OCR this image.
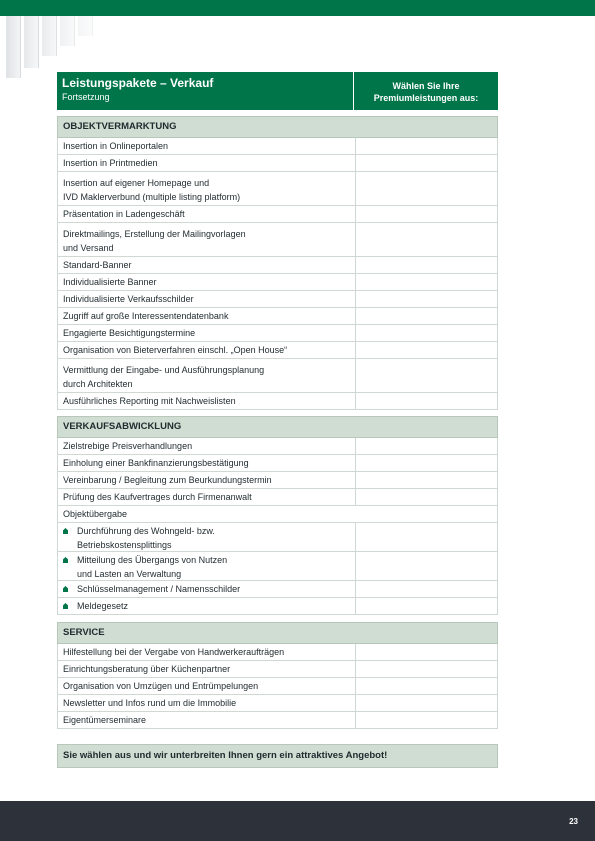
Leistungspakete – Verkauf
Fortsetzung
Wählen Sie Ihre
Premiumleistungen aus:
OBJEKTVERMARKTUNG
Insertion in Onlineportalen
Insertion in Printmedien
Insertion auf eigener Homepage und
IVD Maklerverbund (multiple listing platform)
Präsentation in Ladengeschäft
Direktmailings, Erstellung der Mailingvorlagen
und Versand
Standard-Banner
Individualisierte Banner
Individualisierte Verkaufsschilder
Zugriff auf große Interessentendatenbank
Engagierte Besichtigungstermine
Organisation von Bieterverfahren einschl. „Open House“
Vermittlung der Eingabe- und Ausführungsplanung
durch Architekten
Ausführliches Reporting mit Nachweislisten
VERKAUFSABWICKLUNG
Zielstrebige Preisverhandlungen
Einholung einer Bankfinanzierungsbestätigung
Vereinbarung / Begleitung zum Beurkundungstermin
Prüfung des Kaufvertrages durch Firmenanwalt
Objektübergabe
Durchführung des Wohngeld- bzw.
Betriebskostensplittings
Mitteilung des Übergangs von Nutzen
und Lasten an Verwaltung
Schlüsselmanagement / Namensschilder
Meldegesetz
SERVICE
Hilfestellung bei der Vergabe von Handwerkeraufträgen
Einrichtungsberatung über Küchenpartner
Organisation von Umzügen und Entrümpelungen
Newsletter und Infos rund um die Immobilie
Eigentümerseminare
Sie wählen aus und wir unterbreiten Ihnen gern ein attraktives Angebot!
23
